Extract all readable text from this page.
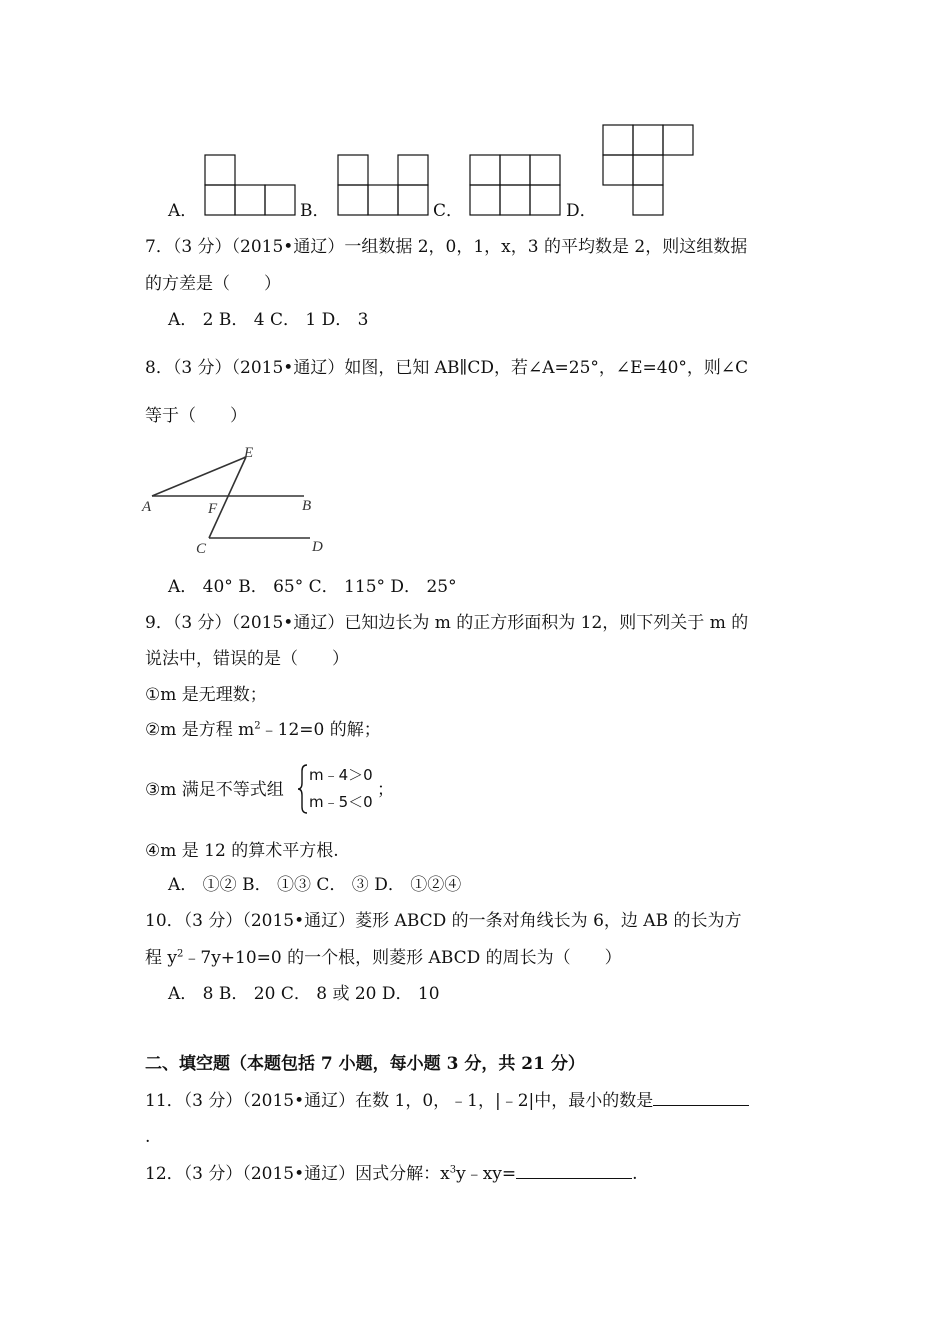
A．	B．	C．	D．
7．（3 分）（2015•通辽）一组数据 2，0，1，x，3 的平均数是 2，则这组数据
的方差是（　　）
A． 2 B． 4 C． 1 D． 3
8．（3 分）（2015•通辽）如图，已知 AB∥CD，若∠A=25°，∠E=40°，则∠C
等于（　　）
A	B
C	D
E
F
A． 40° B． 65° C． 115° D． 25°
9．（3 分）（2015•通辽）已知边长为 m 的正方形面积为 12，则下列关于 m 的
说法中，错误的是（　　）
①m 是无理数；
②m 是方程 $m^2﹣12=0$ 的解；
③m 满足不等式组
m﹣4＞0
m﹣5＜0
；
④m 是 12 的算术平方根.
A． ①② B． ①③ C． ③ D． ①②④
10．（3 分）（2015•通辽）菱形 ABCD 的一条对角线长为 6，边 AB 的长为方
程 $y^2﹣7y+10=0$ 的一个根，则菱形 ABCD 的周长为（　　）
A． 8 B． 20 C． 8 或 20 D． 10
二、填空题（本题包括 7 小题，每小题 3 分，共 21 分）
11．（3 分）（2015•通辽）在数 1，0，﹣1，|﹣2|中，最小的数是
.
12．（3 分）（2015•通辽）因式分解：$x^3y﹣xy=$	.
